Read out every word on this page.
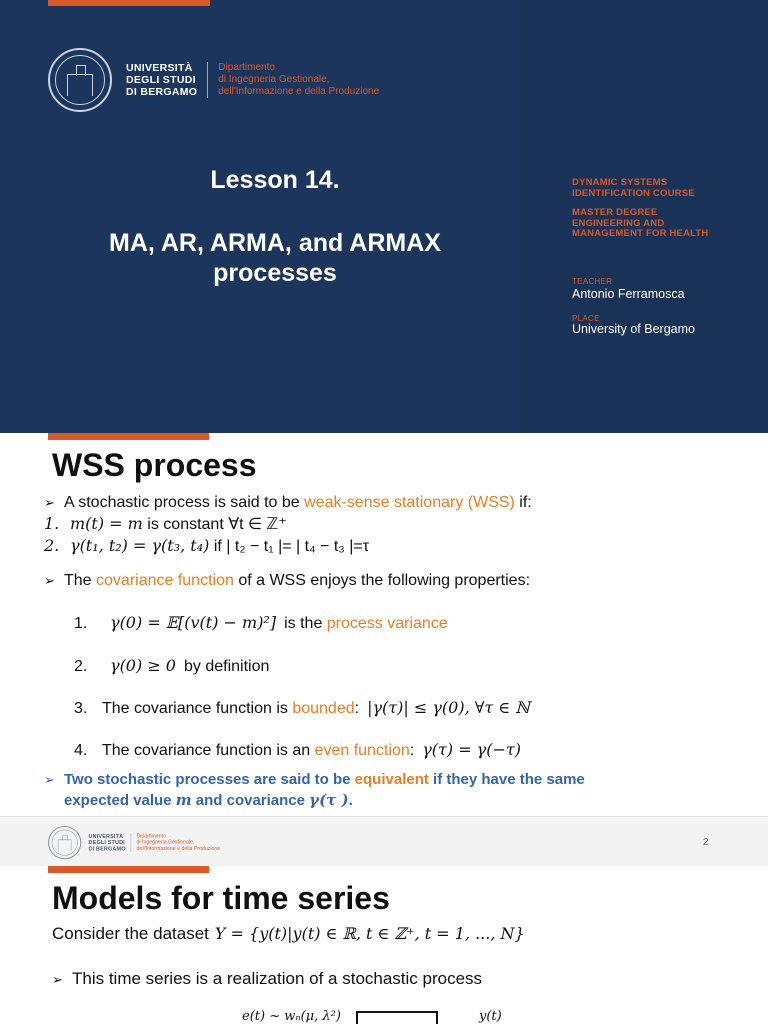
UNIVERSITÀ
DEGLI STUDI
DI BERGAMO
Dipartimento
di Ingegneria Gestionale,
dell'Informazione e della Produzione
Lesson 14.
MA, AR, ARMA, and ARMAX
processes
DYNAMIC SYSTEMS
IDENTIFICATION COURSE
MASTER DEGREE
ENGINEERING AND
MANAGEMENT FOR HEALTH
TEACHER
Antonio Ferramosca
PLACE
University of Bergamo
WSS process
➢ A stochastic process is said to be weak-sense stationary (WSS) if:
1. m(t) = m is constant ∀t ∈ ℤ⁺
2. γ(t₁, t₂) = γ(t₃, t₄) if | t₂ − t₁ |= | t₄ − t₃ |=τ
➢ The covariance function of a WSS enjoys the following properties:
1. γ(0) = 𝔼[(v(t) − m)²] is the process variance
2. γ(0) ≥ 0 by definition
3. The covariance function is bounded: |γ(τ)| ≤ γ(0), ∀τ ∈ ℕ
4. The covariance function is an even function: γ(τ) = γ(−τ)
➢ Two stochastic processes are said to be equivalent if they have the same
expected value m and covariance γ(τ ).
UNIVERSITÀ
DEGLI STUDI
DI BERGAMO
Dipartimento
di Ingegneria Gestionale,
dell'Informazione e della Produzione
2
Models for time series
Consider the dataset Y = {y(t)|y(t) ∈ ℝ, t ∈ ℤ⁺, t = 1, ..., N}
➢ This time series is a realization of a stochastic process
e(t) ~ wₙ(μ, λ²)	y(t)
